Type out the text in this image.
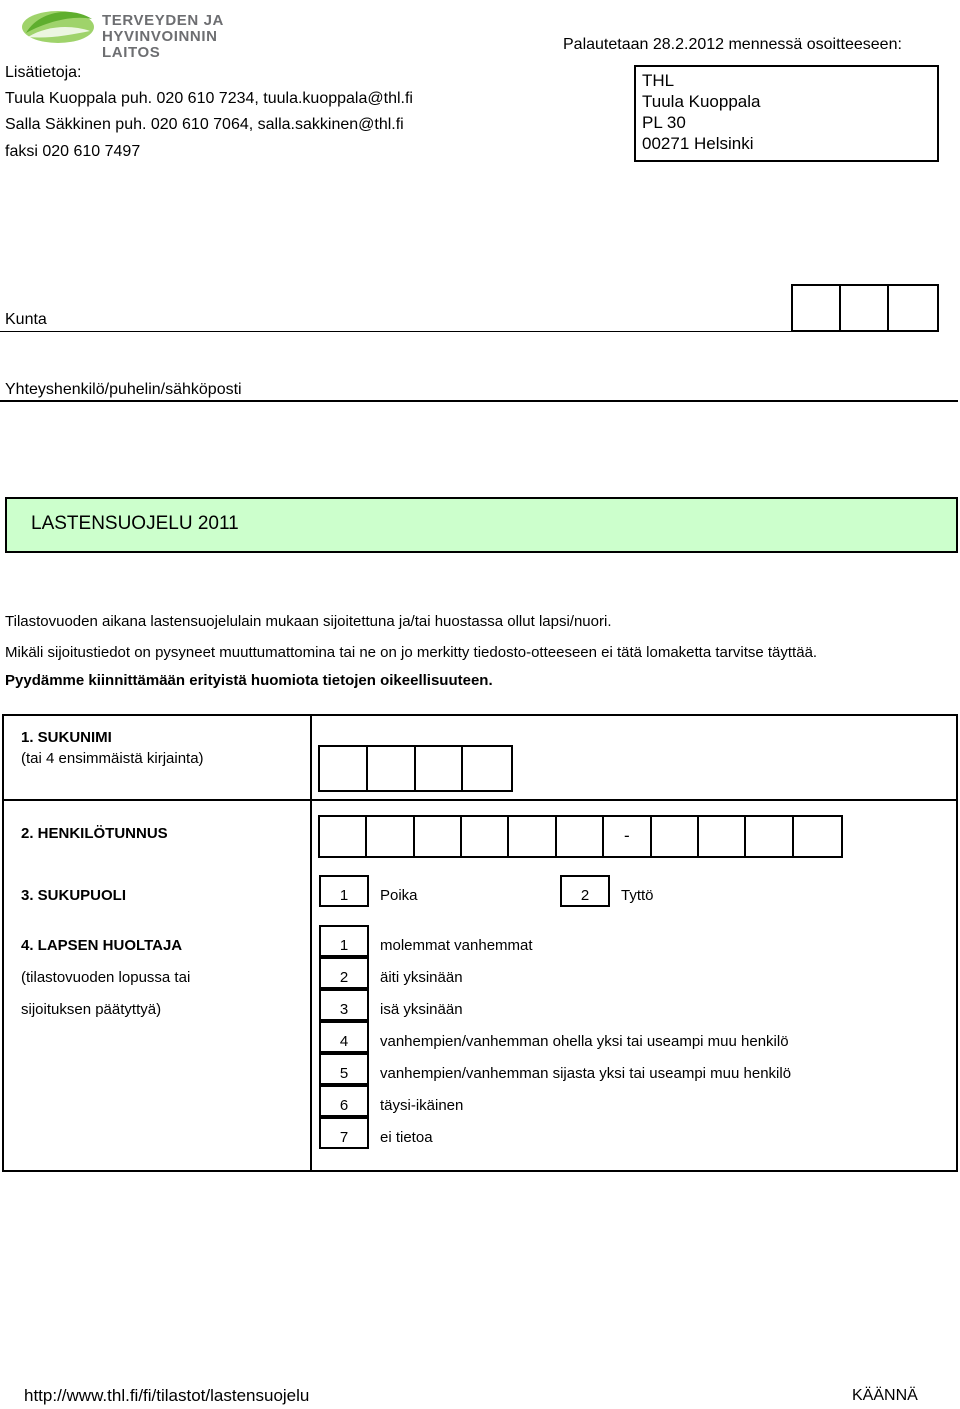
TERVEYDEN JA
HYVINVOINNIN LAITOS
Lisätietoja:
Tuula Kuoppala puh. 020 610 7234, tuula.kuoppala@thl.fi
Salla Säkkinen puh. 020 610 7064, salla.sakkinen@thl.fi
faksi 020 610 7497
Palautetaan 28.2.2012 mennessä osoitteeseen:
THL
Tuula Kuoppala
PL 30
00271 Helsinki
Kunta
Yhteyshenkilö/puhelin/sähköposti
LASTENSUOJELU 2011
Tilastovuoden aikana lastensuojelulain mukaan sijoitettuna ja/tai huostassa ollut lapsi/nuori.
Mikäli sijoitustiedot on pysyneet muuttumattomina tai ne on jo merkitty tiedosto-otteeseen ei tätä lomaketta tarvitse täyttää.
Pyydämme kiinnittämään erityistä huomiota tietojen oikeellisuuteen.
1. SUKUNIMI
(tai 4 ensimmäistä kirjainta)
2. HENKILÖTUNNUS	-
3. SUKUPUOLI	1 Poika	2 Tyttö
4. LAPSEN HUOLTAJA
(tilastovuoden lopussa tai
sijoituksen päätyttyä)
1 molemmat vanhemmat
2 äiti yksinään
3 isä yksinään
4 vanhempien/vanhemman ohella yksi tai useampi muu henkilö
5 vanhempien/vanhemman sijasta yksi tai useampi muu henkilö
6 täysi-ikäinen
7 ei tietoa
http://www.thl.fi/fi/tilastot/lastensuojelu	KÄÄNNÄ
